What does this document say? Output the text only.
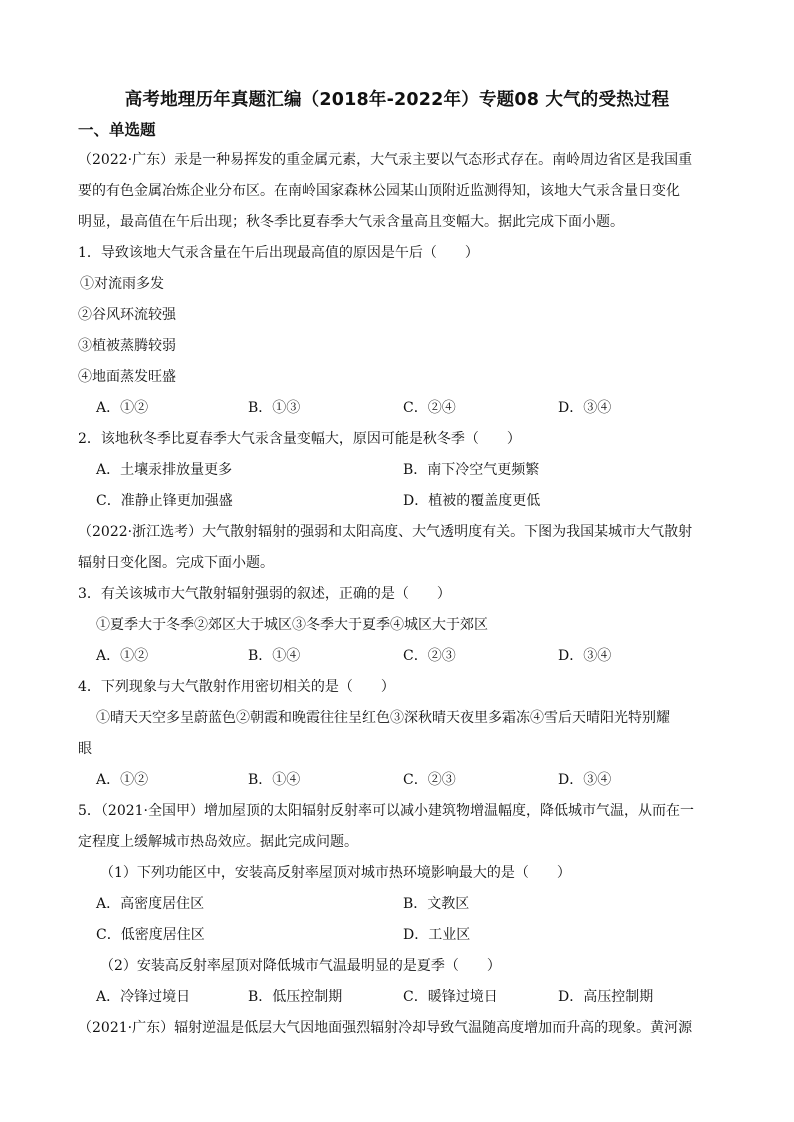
高考地理历年真题汇编（2018年-2022年）专题08 大气的受热过程
一、单选题
（2022·广东）汞是一种易挥发的重金属元素，大气汞主要以气态形式存在。南岭周边省区是我国重
要的有色金属冶炼企业分布区。在南岭国家森林公园某山顶附近监测得知，该地大气汞含量日变化
明显，最高值在午后出现；秋冬季比夏春季大气汞含量高且变幅大。据此完成下面小题。
1．导致该地大气汞含量在午后出现最高值的原因是午后（　　）
①对流雨多发
②谷风环流较强
③植被蒸腾较弱
④地面蒸发旺盛
A．①②	B．①③	C．②④	D．③④
2．该地秋冬季比夏春季大气汞含量变幅大，原因可能是秋冬季（　　）
A．土壤汞排放量更多	B．南下冷空气更频繁
C．准静止锋更加强盛	D．植被的覆盖度更低
（2022·浙江选考）大气散射辐射的强弱和太阳高度、大气透明度有关。下图为我国某城市大气散射
辐射日变化图。完成下面小题。
3．有关该城市大气散射辐射强弱的叙述，正确的是（　　）
①夏季大于冬季②郊区大于城区③冬季大于夏季④城区大于郊区
A．①②	B．①④	C．②③	D．③④
4．下列现象与大气散射作用密切相关的是（　　）
①晴天天空多呈蔚蓝色②朝霞和晚霞往往呈红色③深秋晴天夜里多霜冻④雪后天晴阳光特别耀
眼
A．①②	B．①④	C．②③	D．③④
5．（2021·全国甲）增加屋顶的太阳辐射反射率可以减小建筑物增温幅度，降低城市气温，从而在一
定程度上缓解城市热岛效应。据此完成问题。
（1）下列功能区中，安装高反射率屋顶对城市热环境影响最大的是（　　）
A．高密度居住区	B．文教区
C．低密度居住区	D．工业区
（2）安装高反射率屋顶对降低城市气温最明显的是夏季（　　）
A．冷锋过境日	B．低压控制期	C．暖锋过境日	D．高压控制期
（2021·广东）辐射逆温是低层大气因地面强烈辐射冷却导致气温随高度增加而升高的现象。黄河源
